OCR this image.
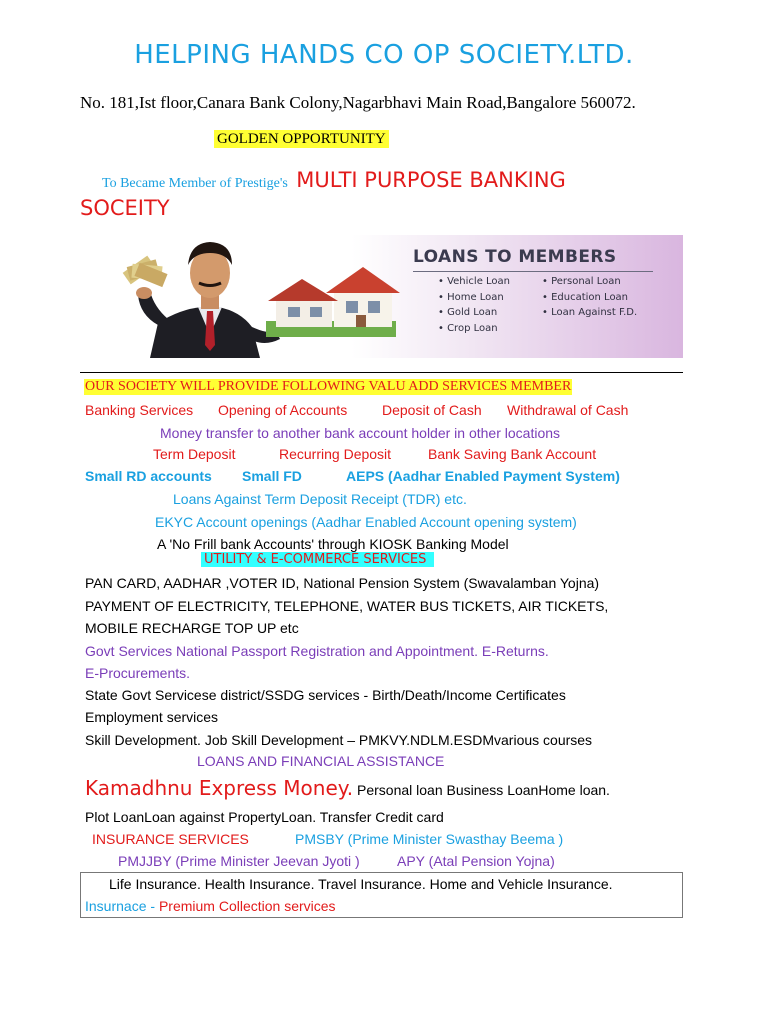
HELPING HANDS CO OP SOCIETY.LTD.
No. 181,Ist floor,Canara Bank Colony,Nagarbhavi Main Road,Bangalore 560072.
GOLDEN OPPORTUNITY
To Became Member of Prestige's MULTI PURPOSE BANKING
SOCEITY
LOANS TO MEMBERS
• Vehicle Loan
• Home Loan
• Gold Loan
• Crop Loan
• Personal Loan
• Education Loan
• Loan Against F.D.
OUR SOCIETY WILL PROVIDE FOLLOWING VALU ADD SERVICES MEMBER
Banking Services Opening of Accounts Deposit of Cash Withdrawal of Cash
Money transfer to another bank account holder in other locations
Term Deposit	Recurring Deposit	Bank Saving Bank Account
Small RD accounts Small FD	AEPS (Aadhar Enabled Payment System)
Loans Against Term Deposit Receipt (TDR) etc.
EKYC Account openings (Aadhar Enabled Account opening system)
A 'No Frill bank Accounts' through KIOSK Banking Model
UTILITY & E-COMMERCE SERVICES
PAN CARD, AADHAR ,VOTER ID, National Pension System (Swavalamban Yojna)
PAYMENT OF ELECTRICITY, TELEPHONE, WATER BUS TICKETS, AIR TICKETS,
MOBILE RECHARGE TOP UP etc
Govt Services National Passport Registration and Appointment. E-Returns.
E-Procurements.
State Govt Servicese district/SSDG services - Birth/Death/Income Certificates
Employment services
Skill Development. Job Skill Development – PMKVY.NDLM.ESDMvarious courses
LOANS AND FINANCIAL ASSISTANCE
Kamadhnu Express Money. Personal loan Business LoanHome loan.
Plot LoanLoan against PropertyLoan. Transfer Credit card
INSURANCE SERVICES	PMSBY (Prime Minister Swasthay Beema )
PMJJBY (Prime Minister Jeevan Jyoti )	APY (Atal Pension Yojna)
Life Insurance. Health Insurance. Travel Insurance. Home and Vehicle Insurance.
Insurnace - Premium Collection services
